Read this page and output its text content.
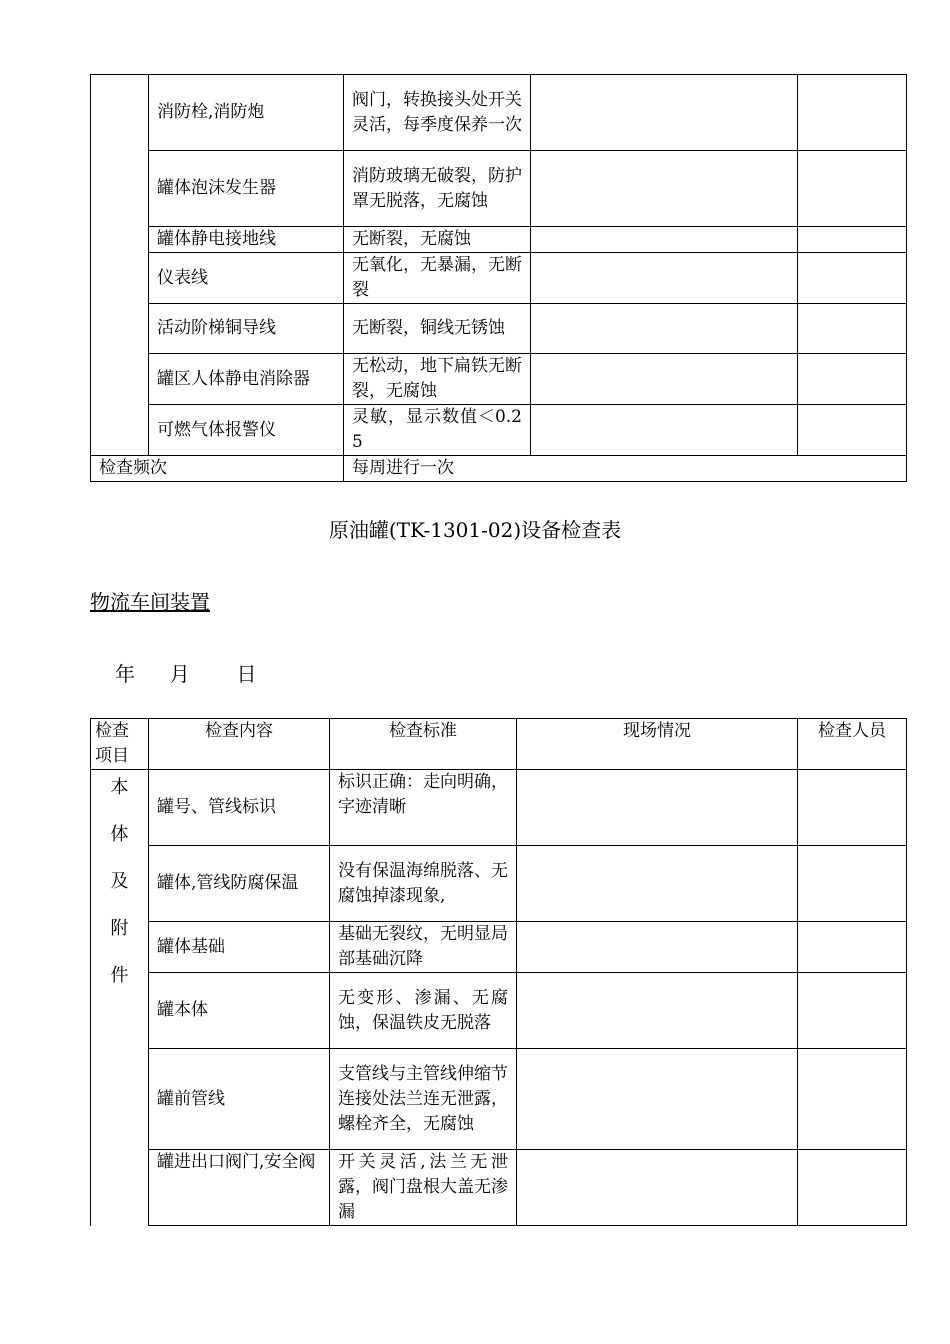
	消防栓,消防炮	阀门，转换接头处开关灵活，每季度保养一次		
	罐体泡沫发生器	消防玻璃无破裂，防护罩无脱落，无腐蚀		
	罐体静电接地线	无断裂，无腐蚀		
	仪表线	无氧化，无暴漏，无断裂		
	活动阶梯铜导线	无断裂，铜线无锈蚀		
	罐区人体静电消除器	无松动，地下扁铁无断裂，无腐蚀		
	可燃气体报警仪	灵敏，显示数值＜0.25		
检查频次		每周进行一次		
原油罐(TK-1301-02)设备检查表
物流车间装置
年 月 日
检查项目	检查内容	检查标准	现场情况	检查人员

本
体
及
附
件	罐号、管线标识	标识正确：走向明确，字迹清晰		
	罐体,管线防腐保温	没有保温海绵脱落、无腐蚀掉漆现象,		
	罐体基础	基础无裂纹，无明显局部基础沉降		
	罐本体	无变形、渗漏、无腐蚀，保温铁皮无脱落		
	罐前管线	支管线与主管线伸缩节连接处法兰连无泄露，螺栓齐全，无腐蚀		
	罐进出口阀门,安全阀	开关灵活,法兰无泄露，阀门盘根大盖无渗漏		
